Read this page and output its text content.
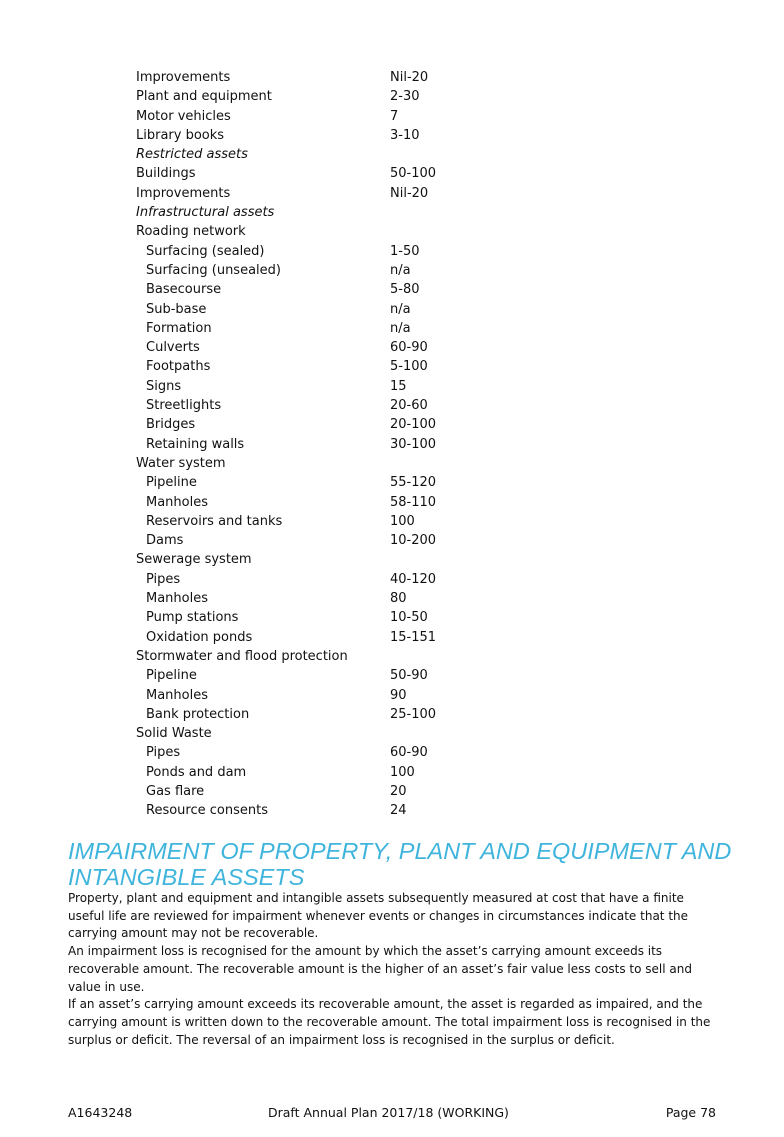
Improvements	Nil-20
Plant and equipment	2-30
Motor vehicles	7
Library books	3-10
Restricted assets
Buildings	50-100
Improvements	Nil-20
Infrastructural assets
Roading network
Surfacing (sealed)	1-50
Surfacing (unsealed)	n/a
Basecourse	5-80
Sub-base	n/a
Formation	n/a
Culverts	60-90
Footpaths	5-100
Signs	15
Streetlights	20-60
Bridges	20-100
Retaining walls	30-100
Water system
Pipeline	55-120
Manholes	58-110
Reservoirs and tanks	100
Dams	10-200
Sewerage system
Pipes	40-120
Manholes	80
Pump stations	10-50
Oxidation ponds	15-151
Stormwater and flood protection
Pipeline	50-90
Manholes	90
Bank protection	25-100
Solid Waste
Pipes	60-90
Ponds and dam	100
Gas flare	20
Resource consents	24
IMPAIRMENT OF PROPERTY, PLANT AND EQUIPMENT AND INTANGIBLE ASSETS

Property, plant and equipment and intangible assets subsequently measured at cost that have a finite useful life are reviewed for impairment whenever events or changes in circumstances indicate that the carrying amount may not be recoverable.

An impairment loss is recognised for the amount by which the asset’s carrying amount exceeds its recoverable amount. The recoverable amount is the higher of an asset’s fair value less costs to sell and value in use.

If an asset’s carrying amount exceeds its recoverable amount, the asset is regarded as impaired, and the carrying amount is written down to the recoverable amount. The total impairment loss is recognised in the surplus or deficit. The reversal of an impairment loss is recognised in the surplus or deficit.

A1643248	Draft Annual Plan 2017/18 (WORKING)	Page 78
